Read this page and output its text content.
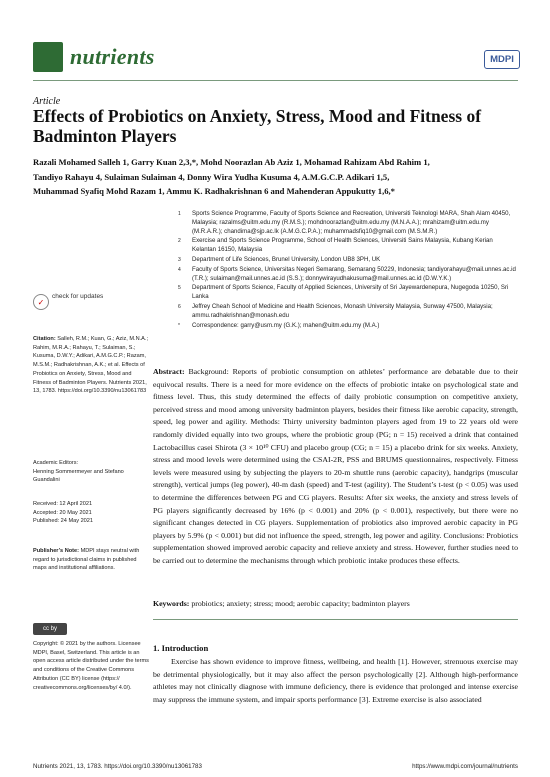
nutrients	MDPI
Article
Effects of Probiotics on Anxiety, Stress, Mood and Fitness of Badminton Players
Razali Mohamed Salleh 1, Garry Kuan 2,3,*, Mohd Noorazlan Ab Aziz 1, Mohamad Rahizam Abd Rahim 1,
Tandiyo Rahayu 4, Sulaiman Sulaiman 4, Donny Wira Yudha Kusuma 4, A.M.G.C.P. Adikari 1,5,
Muhammad Syafiq Mohd Razam 1, Ammu K. Radhakrishnan 6 and Mahenderan Appukutty 1,6,*
1 Sports Science Programme, Faculty of Sports Science and Recreation, Universiti Teknologi MARA, Shah Alam 40450, Malaysia; razalms@uitm.edu.my (R.M.S.); mohdnoorazlan@uitm.edu.my (M.N.A.A.); mrahizam@uitm.edu.my (M.R.A.R.); chandima@sjp.ac.lk (A.M.G.C.P.A.); muhammadsfiq10@gmail.com (M.S.M.R.)
2 Exercise and Sports Science Programme, School of Health Sciences, Universiti Sains Malaysia, Kubang Kerian Kelantan 16150, Malaysia
3 Department of Life Sciences, Brunel University, London UB8 3PH, UK
4 Faculty of Sports Science, Universitas Negeri Semarang, Semarang 50229, Indonesia; tandiyorahayu@mail.unnes.ac.id (T.R.); sulaiman@mail.unnes.ac.id (S.S.); donnywirayudhakusuma@mail.unnes.ac.id (D.W.Y.K.)
5 Department of Sports Science, Faculty of Applied Sciences, University of Sri Jayewardenepura, Nugegoda 10250, Sri Lanka
6 Jeffrey Cheah School of Medicine and Health Sciences, Monash University Malaysia, Sunway 47500, Malaysia; ammu.radhakrishnan@monash.edu
* Correspondence: garry@usm.my (G.K.); mahen@uitm.edu.my (M.A.)
✓
check for updates
Citation: Salleh, R.M.; Kuan, G.; Aziz, M.N.A.; Rahim, M.R.A.; Rahayu, T.; Sulaiman, S.; Kusuma, D.W.Y.; Adikari, A.M.G.C.P.; Razam, M.S.M.; Radhakrishnan, A.K.; et al. Effects of Probiotics on Anxiety, Stress, Mood and Fitness of Badminton Players. Nutrients 2021, 13, 1783. https://doi.org/10.3390/nu13061783
Academic Editors:
Henning Sommermeyer and Stefano Guandalini
Received: 12 April 2021
Accepted: 20 May 2021
Published: 24 May 2021
Publisher’s Note: MDPI stays neutral with regard to jurisdictional claims in published maps and institutional affiliations.
cc by
Copyright: © 2021 by the authors. Licensee MDPI, Basel, Switzerland. This article is an open access article distributed under the terms and conditions of the Creative Commons Attribution (CC BY) license (https:// creativecommons.org/licenses/by/ 4.0/).
Abstract: Background: Reports of probiotic consumption on athletes’ performance are debatable due to their equivocal results. There is a need for more evidence on the effects of probiotic intake on psychological state and fitness level. Thus, this study determined the effects of daily probiotic consumption on competitive anxiety, perceived stress and mood among university badminton players, besides their fitness like aerobic capacity, strength, speed, leg power and agility. Methods: Thirty university badminton players aged from 19 to 22 years old were randomly divided equally into two groups, where the probiotic group (PG; n = 15) received a drink that contained Lactobacillus casei Shirota (3 × 10¹⁰ CFU) and placebo group (CG; n = 15) a placebo drink for six weeks. Anxiety, stress and mood levels were determined using the CSAI-2R, PSS and BRUMS questionnaires, respectively. Fitness levels were measured using by subjecting the players to 20-m shuttle runs (aerobic capacity), handgrips (muscular strength), vertical jumps (leg power), 40-m dash (speed) and T-test (agility). The Student’s t-test (p < 0.05) was used to determine the differences between PG and CG players. Results: After six weeks, the anxiety and stress levels of PG players significantly decreased by 16% (p < 0.001) and 20% (p < 0.001), respectively, but there were no significant changes detected in CG players. Supplementation of probiotics also improved aerobic capacity in PG players by 5.9% (p < 0.001) but did not influence the speed, strength, leg power and agility. Conclusions: Probiotics supplementation showed improved aerobic capacity and relieve anxiety and stress. However, further studies need to be carried out to determine the mechanisms through which probiotic intake produces these effects.
Keywords: probiotics; anxiety; stress; mood; aerobic capacity; badminton players
1. Introduction
Exercise has shown evidence to improve fitness, wellbeing, and health [1]. However, strenuous exercise may be detrimental physiologically, but it may also affect the person psychologically [2]. Although high-performance athletes may not clinically diagnose with immune deficiency, there is evidence that prolonged and intense exercise may suppress the immune system, and impair sports performance [3]. Extreme exercise is also associated
Nutrients 2021, 13, 1783. https://doi.org/10.3390/nu13061783	https://www.mdpi.com/journal/nutrients
